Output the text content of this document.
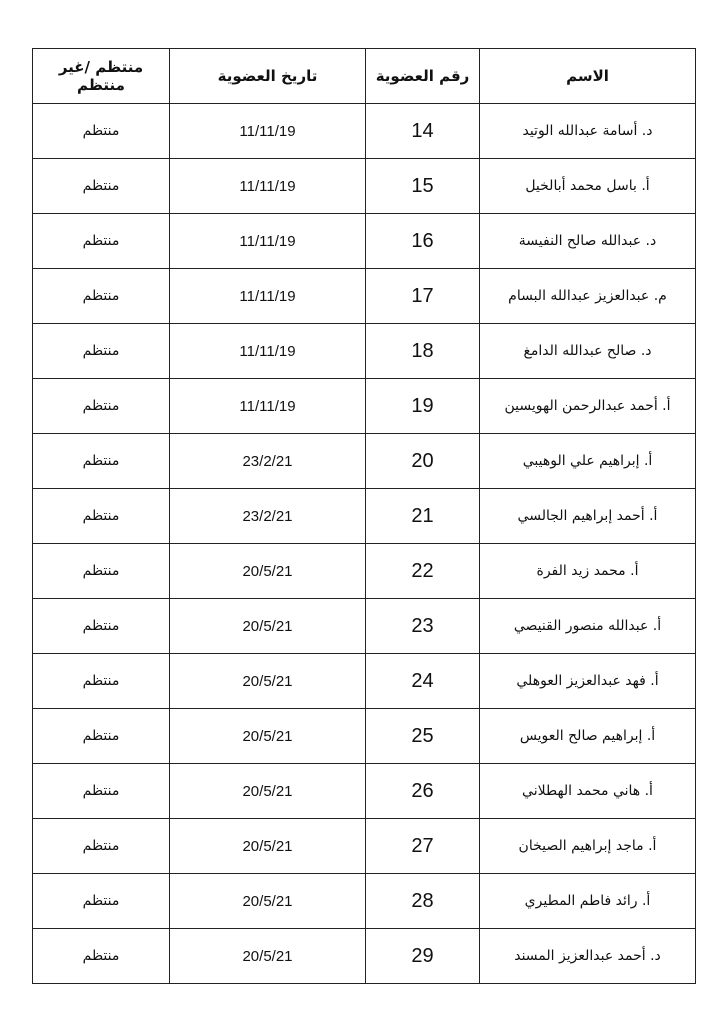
الاسم	رقم العضوية	تاريخ العضوية	منتظم /غير منتظم
د. أسامة عبدالله الوتيد	14	11/11/19	منتظم
أ. باسل محمد أبالخيل	15	11/11/19	منتظم
د. عبدالله صالح النفيسة	16	11/11/19	منتظم
م. عبدالعزيز عبدالله البسام	17	11/11/19	منتظم
د. صالح عبدالله الدامغ	18	11/11/19	منتظم
أ. أحمد عبدالرحمن الهويسين	19	11/11/19	منتظم
أ. إبراهيم علي الوهيبي	20	23/2/21	منتظم
أ. أحمد إبراهيم الجالسي	21	23/2/21	منتظم
أ. محمد زيد الفرة	22	20/5/21	منتظم
أ. عبدالله منصور القنيصي	23	20/5/21	منتظم
أ. فهد عبدالعزيز العوهلي	24	20/5/21	منتظم
أ. إبراهيم صالح العويس	25	20/5/21	منتظم
أ. هاني محمد الهطلاني	26	20/5/21	منتظم
أ. ماجد إبراهيم الصيخان	27	20/5/21	منتظم
أ. رائد فاطم المطيري	28	20/5/21	منتظم
د. أحمد عبدالعزيز المسند	29	20/5/21	منتظم
